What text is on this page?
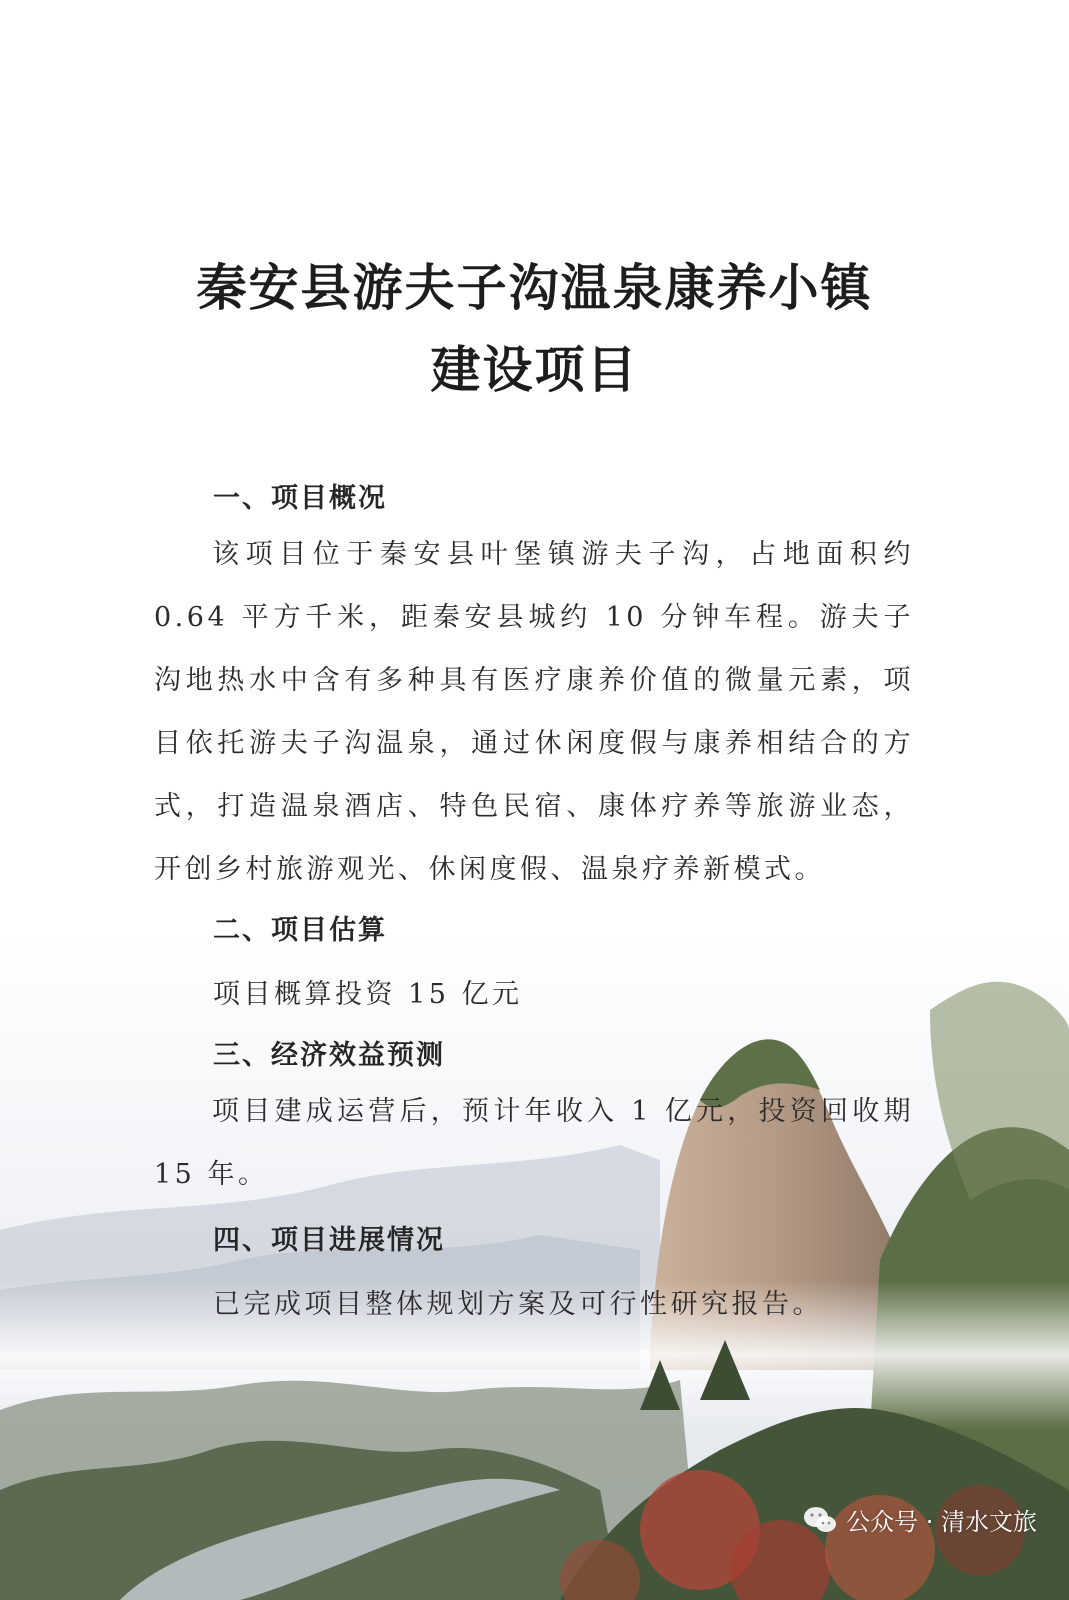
秦安县游夫子沟温泉康养小镇
建设项目
一、项目概况

该项目位于秦安县叶堡镇游夫子沟，占地面积约 0.64 平方千米，距秦安县城约 10 分钟车程。游夫子沟地热水中含有多种具有医疗康养价值的微量元素，项目依托游夫子沟温泉，通过休闲度假与康养相结合的方式，打造温泉酒店、特色民宿、康体疗养等旅游业态，开创乡村旅游观光、休闲度假、温泉疗养新模式。

二、项目估算

项目概算投资 15 亿元

三、经济效益预测

项目建成运营后，预计年收入 1 亿元，投资回收期 15 年。

四、项目进展情况

已完成项目整体规划方案及可行性研究报告。

公众号 · 清水文旅
